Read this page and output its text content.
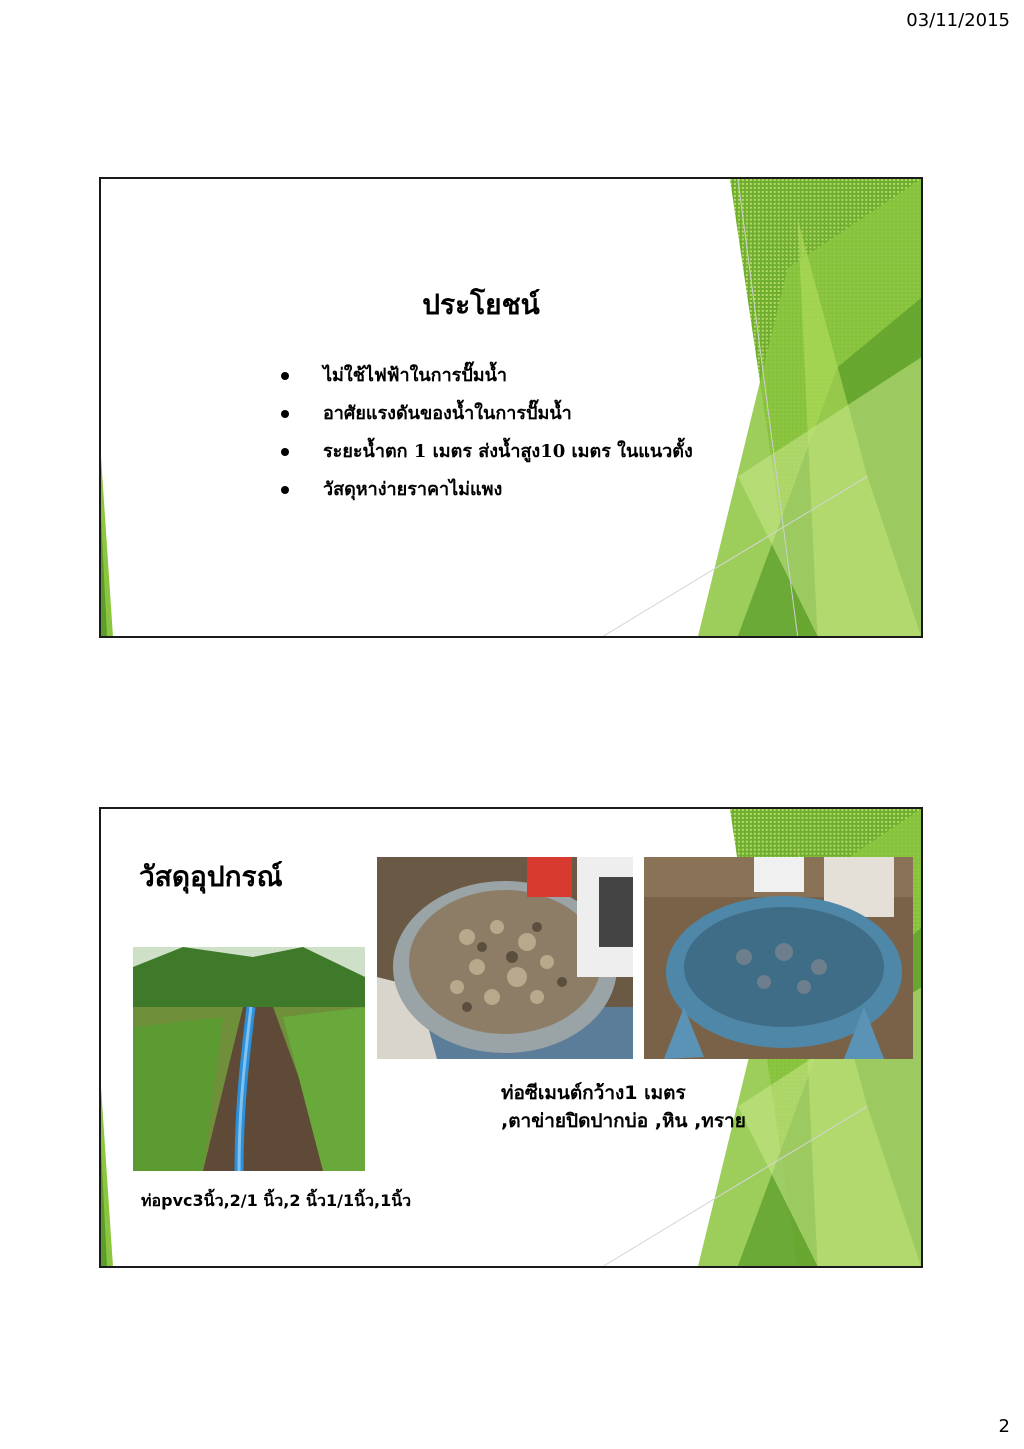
03/11/2015
ประโยชน์
ไม่ใช้ไฟฟ้าในการปั๊มน้ำ
อาศัยแรงดันของน้ำในการปั๊มน้ำ
ระยะน้ำตก 1 เมตร ส่งน้ำสูง10 เมตร ในแนวตั้ง
วัสดุหาง่ายราคาไม่แพง
วัสดุอุปกรณ์

ท่อซีเมนต์กว้าง1 เมตร ,ตาข่ายปิดปากบ่อ ,หิน ,ทราย

ท่อpvc3นิ้ว,2/1 นิ้ว,2 นิ้ว1/1นิ้ว,1นิ้ว

2
